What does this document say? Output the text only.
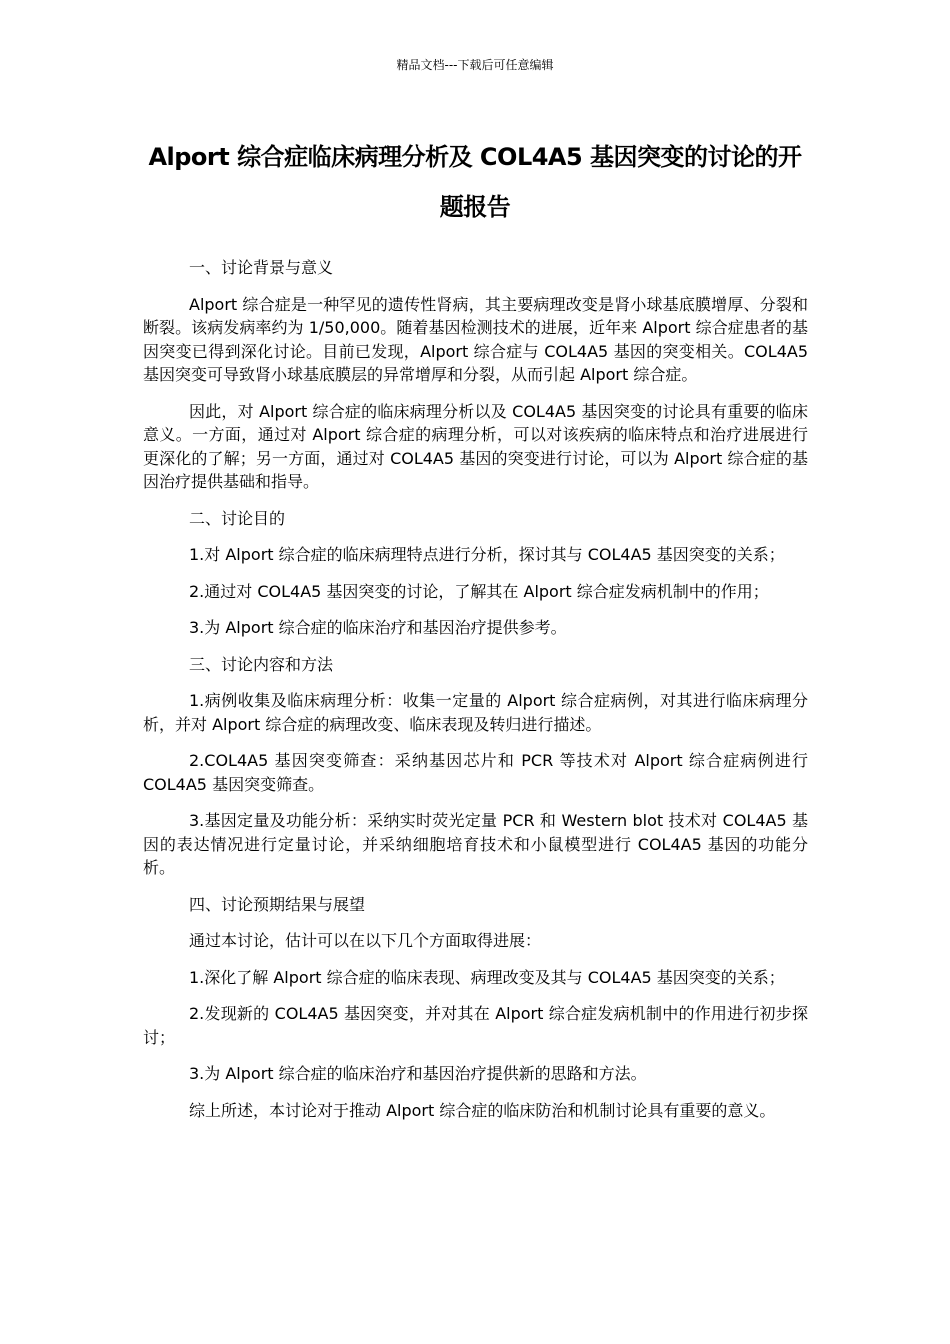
精品文档---下载后可任意编辑
Alport 综合症临床病理分析及 COL4A5 基因突变的讨论的开题报告

一、讨论背景与意义

Alport 综合症是一种罕见的遗传性肾病，其主要病理改变是肾小球基底膜增厚、分裂和断裂。该病发病率约为 1/50,000。随着基因检测技术的进展，近年来 Alport 综合症患者的基因突变已得到深化讨论。目前已发现，Alport 综合症与 COL4A5 基因的突变相关。COL4A5 基因突变可导致肾小球基底膜层的异常增厚和分裂，从而引起 Alport 综合症。

因此，对 Alport 综合症的临床病理分析以及 COL4A5 基因突变的讨论具有重要的临床意义。一方面，通过对 Alport 综合症的病理分析，可以对该疾病的临床特点和治疗进展进行更深化的了解；另一方面，通过对 COL4A5 基因的突变进行讨论，可以为 Alport 综合症的基因治疗提供基础和指导。

二、讨论目的

1.对 Alport 综合症的临床病理特点进行分析，探讨其与 COL4A5 基因突变的关系；

2.通过对 COL4A5 基因突变的讨论，了解其在 Alport 综合症发病机制中的作用；

3.为 Alport 综合症的临床治疗和基因治疗提供参考。

三、讨论内容和方法

1.病例收集及临床病理分析：收集一定量的 Alport 综合症病例，对其进行临床病理分析，并对 Alport 综合症的病理改变、临床表现及转归进行描述。

2.COL4A5 基因突变筛查：采纳基因芯片和 PCR 等技术对 Alport 综合症病例进行 COL4A5 基因突变筛查。

3.基因定量及功能分析：采纳实时荧光定量 PCR 和 Western blot 技术对 COL4A5 基因的表达情况进行定量讨论，并采纳细胞培育技术和小鼠模型进行 COL4A5 基因的功能分析。

四、讨论预期结果与展望

通过本讨论，估计可以在以下几个方面取得进展：

1.深化了解 Alport 综合症的临床表现、病理改变及其与 COL4A5 基因突变的关系；

2.发现新的 COL4A5 基因突变，并对其在 Alport 综合症发病机制中的作用进行初步探讨；

3.为 Alport 综合症的临床治疗和基因治疗提供新的思路和方法。

综上所述，本讨论对于推动 Alport 综合症的临床防治和机制讨论具有重要的意义。
